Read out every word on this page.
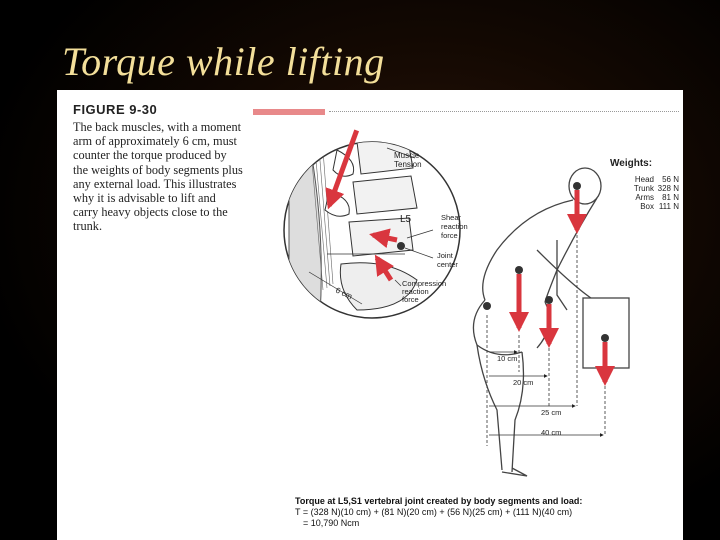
Torque while lifting
FIGURE 9-30

The back muscles, with a moment arm of approximately 6 cm, must counter the torque produced by the weights of body segments plus any external load. This illustrates why it is advisable to lift and carry heavy objects close to the trunk.

Muscle
Tension
L5	Shear
reaction
force
Joint
center
Compression
reaction
force
6 cm
10 cm
20 cm
25 cm
40 cm
Weights:
Head 56 N
Trunk 328 N
Arms 81 N
Box 111 N
Torque at L5,S1 vertebral joint created by body segments and load:
T = (328 N)(10 cm) + (81 N)(20 cm) + (56 N)(25 cm) + (111 N)(40 cm)
= 10,790 Ncm
